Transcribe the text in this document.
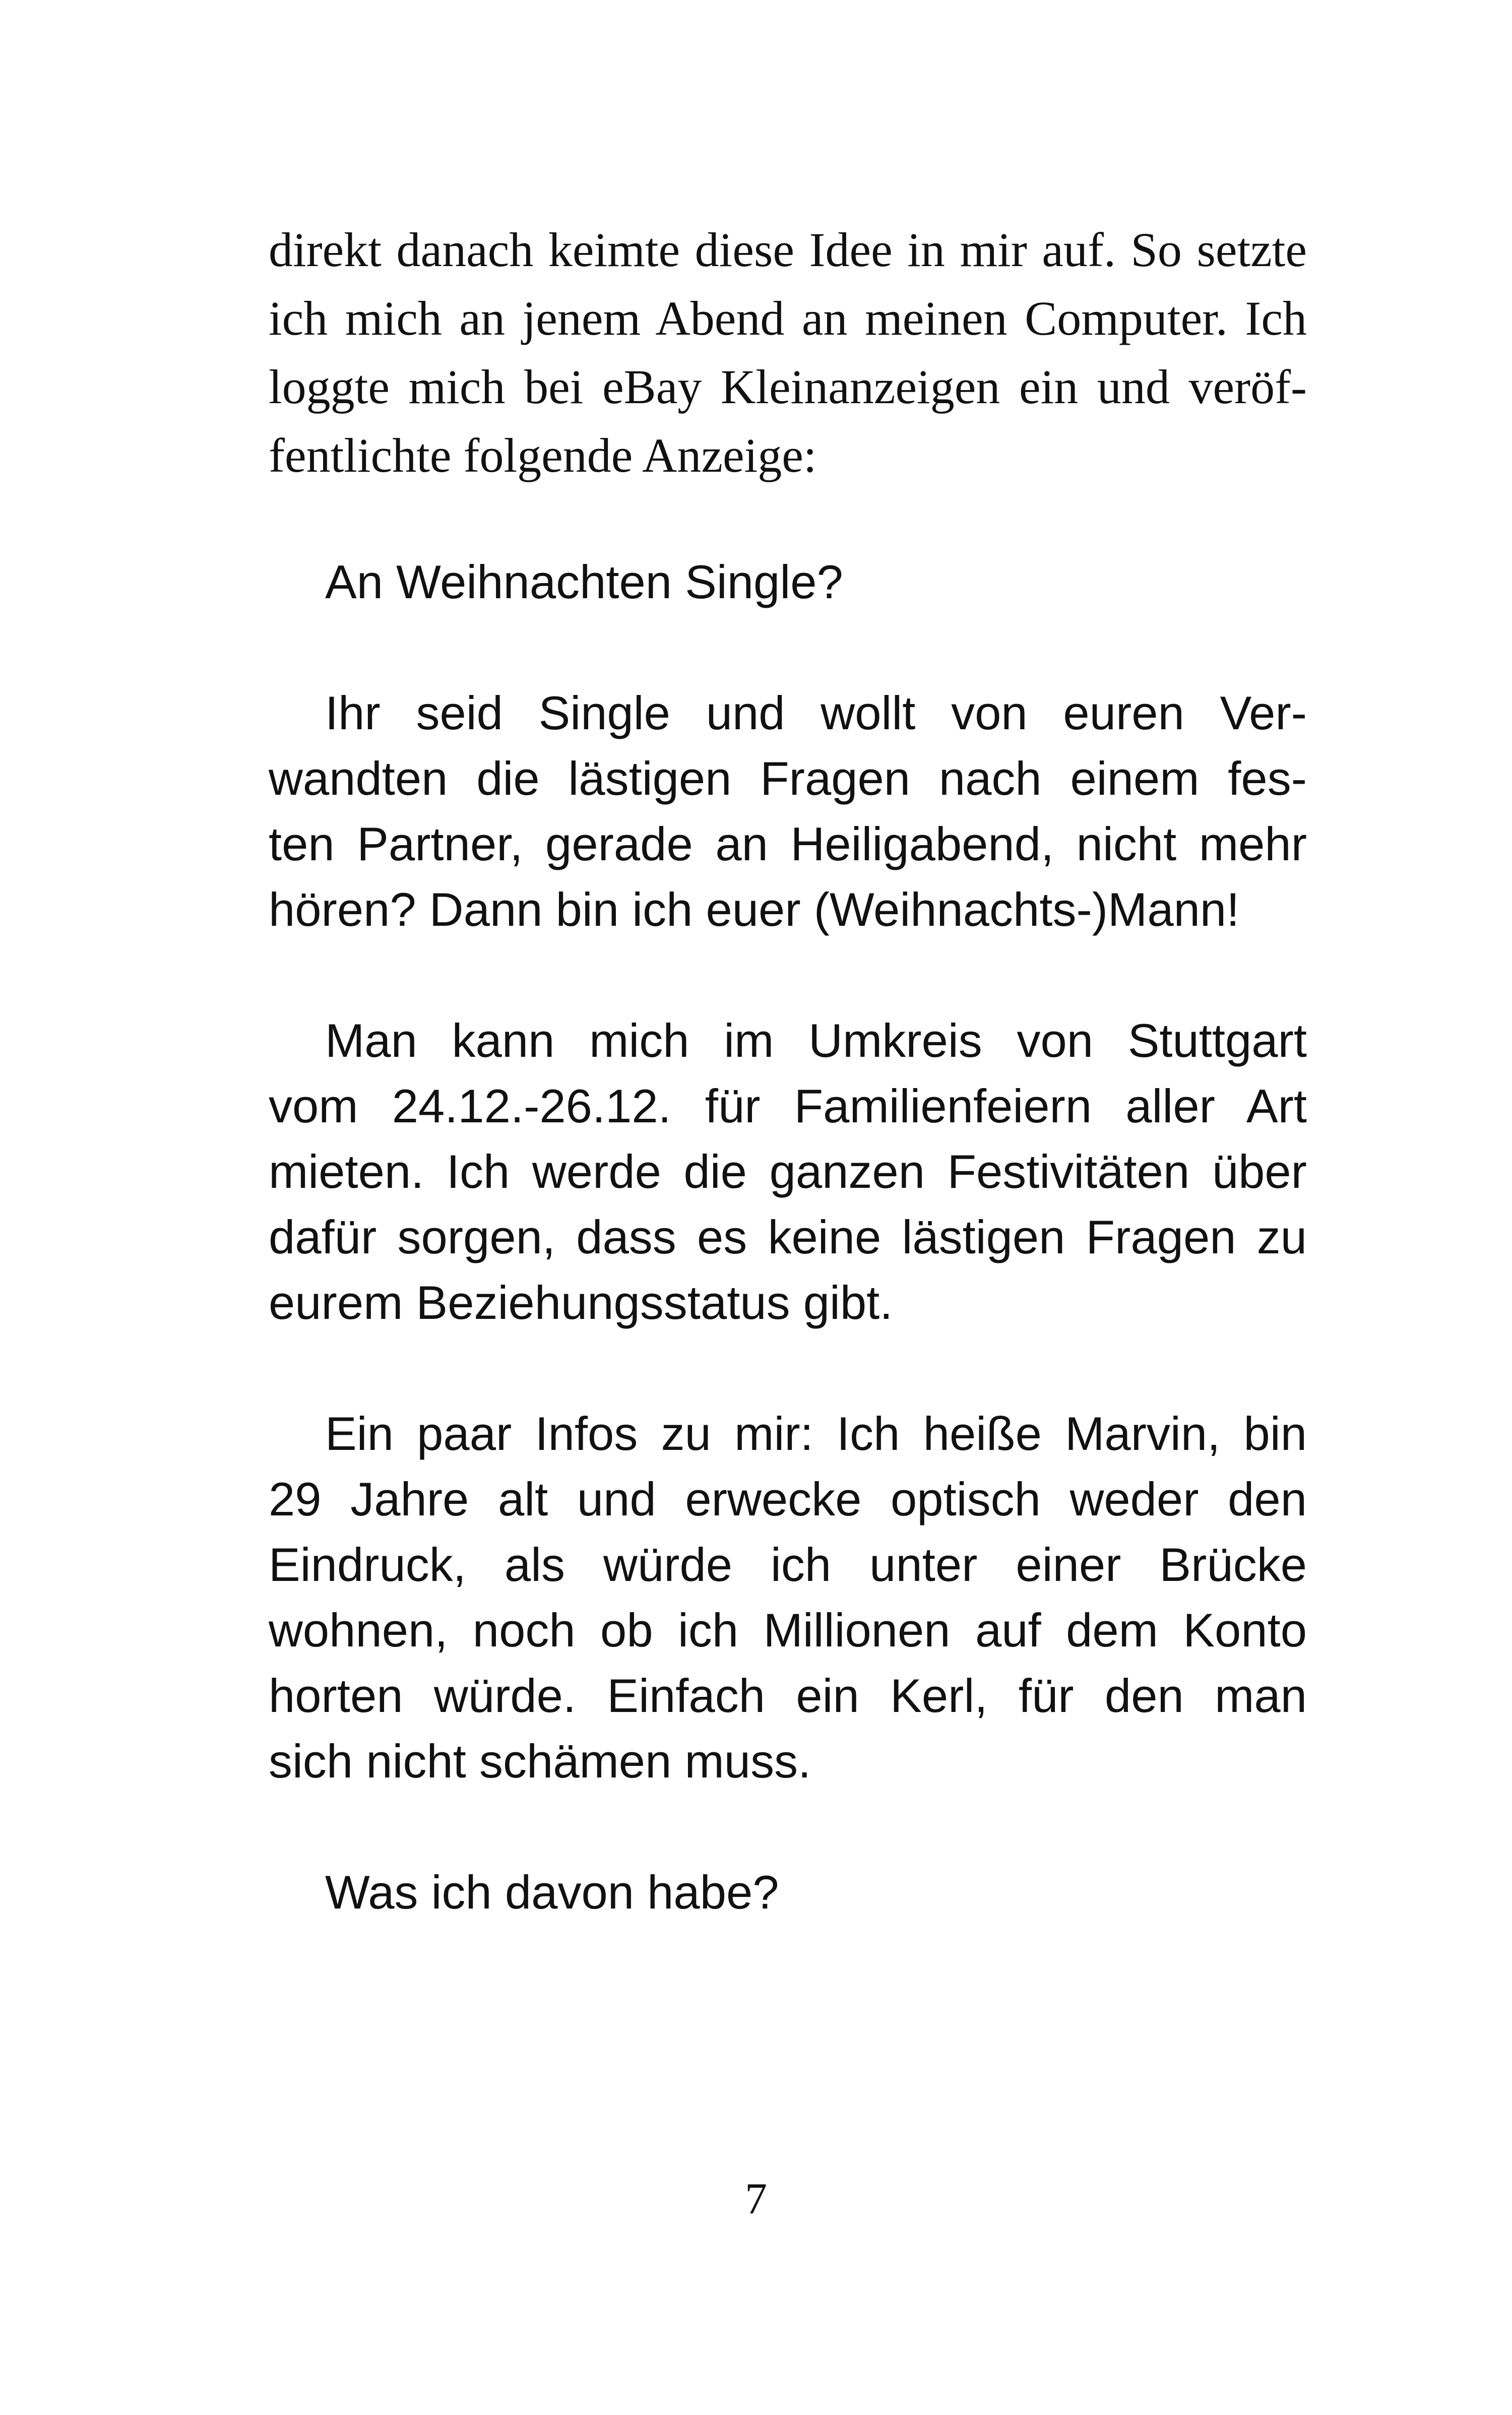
direkt danach keimte diese Idee in mir auf. So setzte

ich mich an jenem Abend an meinen Computer. Ich

loggte mich bei eBay Kleinanzeigen ein und veröf-

fentlichte folgende Anzeige:

An Weihnachten Single?

Ihr seid Single und wollt von euren Ver-

wandten die lästigen Fragen nach einem fes-

ten Partner, gerade an Heiligabend, nicht mehr

hören? Dann bin ich euer (Weihnachts-)Mann!

Man kann mich im Umkreis von Stuttgart

vom 24.12.-26.12. für Familienfeiern aller Art

mieten. Ich werde die ganzen Festivitäten über

dafür sorgen, dass es keine lästigen Fragen zu

eurem Beziehungsstatus gibt.

Ein paar Infos zu mir: Ich heiße Marvin, bin

29 Jahre alt und erwecke optisch weder den

Eindruck, als würde ich unter einer Brücke

wohnen, noch ob ich Millionen auf dem Konto

horten würde. Einfach ein Kerl, für den man

sich nicht schämen muss.

Was ich davon habe?

7
